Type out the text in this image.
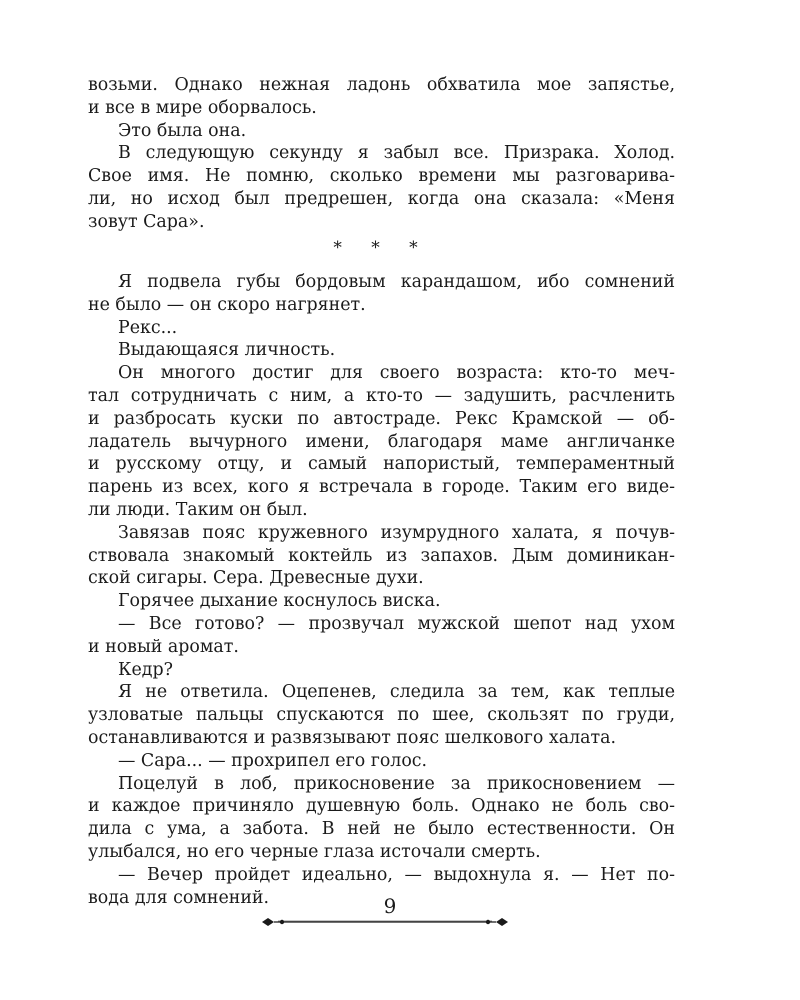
возьми. Однако нежная ладонь обхватила мое запястье,
и все в мире оборвалось.
Это была она.
В следующую секунду я забыл все. Призрака. Холод.
Свое имя. Не помню, сколько времени мы разговарива-
ли, но исход был предрешен, когда она сказала: «Меня
зовут Сара».
* * *
Я подвела губы бордовым карандашом, ибо сомнений
не было — он скоро нагрянет.
Рекс...
Выдающаяся личность.
Он многого достиг для своего возраста: кто-то меч-
тал сотрудничать с ним, а кто-то — задушить, расчленить
и разбросать куски по автостраде. Рекс Крамской — об-
ладатель вычурного имени, благодаря маме англичанке
и русскому отцу, и самый напористый, темпераментный
парень из всех, кого я встречала в городе. Таким его виде-
ли люди. Таким он был.
Завязав пояс кружевного изумрудного халата, я почув-
ствовала знакомый коктейль из запахов. Дым доминикан-
ской сигары. Сера. Древесные духи.
Горячее дыхание коснулось виска.
— Все готово? — прозвучал мужской шепот над ухом
и новый аромат.
Кедр?
Я не ответила. Оцепенев, следила за тем, как теплые
узловатые пальцы спускаются по шее, скользят по груди,
останавливаются и развязывают пояс шелкового халата.
— Сара... — прохрипел его голос.
Поцелуй в лоб, прикосновение за прикосновением —
и каждое причиняло душевную боль. Однако не боль сво-
дила с ума, а забота. В ней не было естественности. Он
улыбался, но его черные глаза источали смерть.
— Вечер пройдет идеально, — выдохнула я. — Нет по-
вода для сомнений.	9
